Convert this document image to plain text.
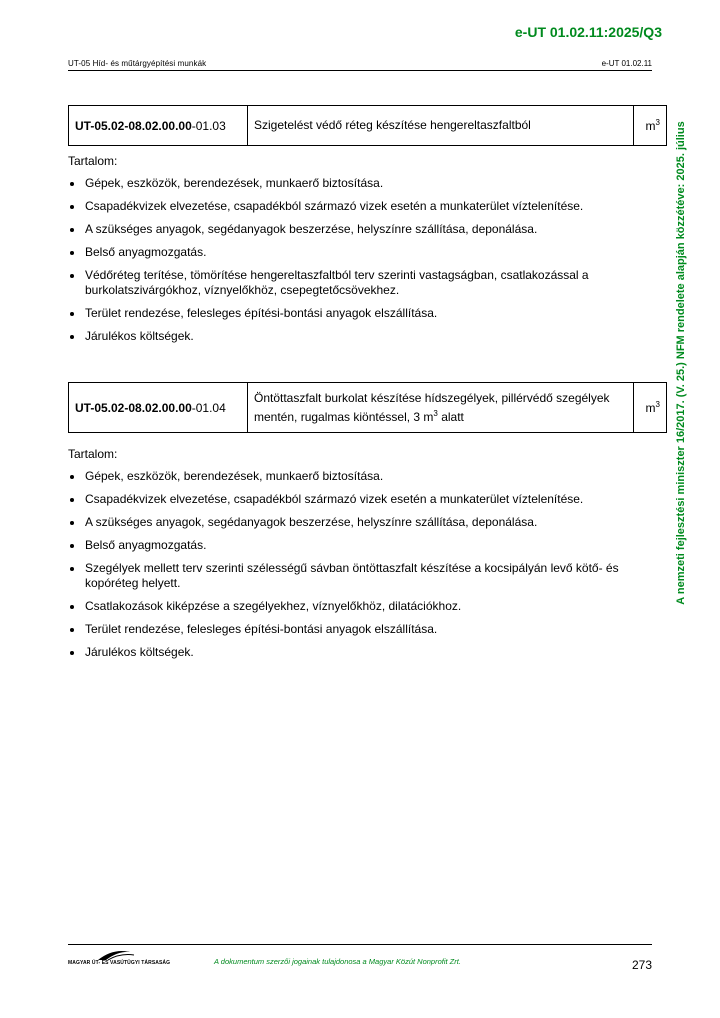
e-UT 01.02.11:2025/Q3
UT-05 Híd- és műtárgyépítési munkák	e-UT 01.02.11
A nemzeti fejlesztési miniszter 16/2017. (V. 25.) NFM rendelete alapján közzétéve: 2025. július
UT-05.02-08.02.00.00-01.03	Szigetelést védő réteg készítése hengereltaszfaltból	$m^3$
Tartalom:
Gépek, eszközök, berendezések, munkaerő biztosítása.
Csapadékvizek elvezetése, csapadékból származó vizek esetén a munkaterület víztelenítése.
A szükséges anyagok, segédanyagok beszerzése, helyszínre szállítása, deponálása.
Belső anyagmozgatás.
Védőréteg terítése, tömörítése hengereltaszfaltból terv szerinti vastagságban, csatlakozással a burkolatszivárgókhoz, víznyelőkhöz, csepegtetőcsövekhez.
Terület rendezése, felesleges építési-bontási anyagok elszállítása.
Járulékos költségek.
UT-05.02-08.02.00.00-01.04	Öntöttaszfalt burkolat készítése hídszegélyek, pillérvédő szegélyek mentén, rugalmas kiöntéssel, 3 $m^3$ alatt	$m^3$
Tartalom:
Gépek, eszközök, berendezések, munkaerő biztosítása.
Csapadékvizek elvezetése, csapadékból származó vizek esetén a munkaterület víztelenítése.
A szükséges anyagok, segédanyagok beszerzése, helyszínre szállítása, deponálása.
Belső anyagmozgatás.
Szegélyek mellett terv szerinti szélességű sávban öntöttaszfalt készítése a kocsipályán levő kötő- és kopóréteg helyett.
Csatlakozások kiképzése a szegélyekhez, víznyelőkhöz, dilatációkhoz.
Terület rendezése, felesleges építési-bontási anyagok elszállítása.
Járulékos költségek.
MAGYAR ÚT- ÉS VASÚTÜGYI TÁRSASÁG	A dokumentum szerzői jogainak tulajdonosa a Magyar Közút Nonprofit Zrt.	273
